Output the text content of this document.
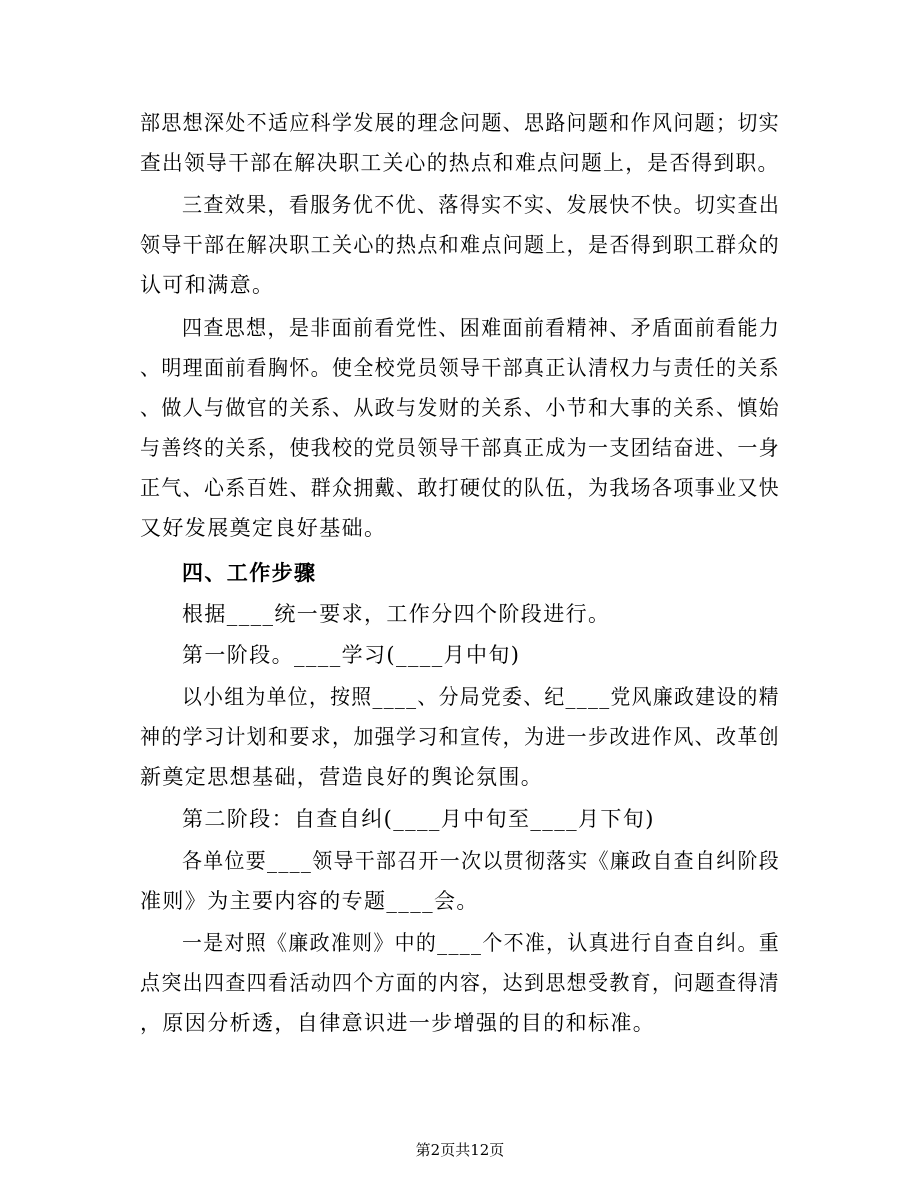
部思想深处不适应科学发展的理念问题、思路问题和作风问题；切实
查出领导干部在解决职工关心的热点和难点问题上，是否得到职。
三查效果，看服务优不优、落得实不实、发展快不快。切实查出
领导干部在解决职工关心的热点和难点问题上，是否得到职工群众的
认可和满意。
四查思想，是非面前看党性、困难面前看精神、矛盾面前看能力
、明理面前看胸怀。使全校党员领导干部真正认清权力与责任的关系
、做人与做官的关系、从政与发财的关系、小节和大事的关系、慎始
与善终的关系，使我校的党员领导干部真正成为一支团结奋进、一身
正气、心系百姓、群众拥戴、敢打硬仗的队伍，为我场各项事业又快
又好发展奠定良好基础。
四、工作步骤
根据____统一要求，工作分四个阶段进行。
第一阶段。____学习(____月中旬)
以小组为单位，按照____、分局党委、纪____党风廉政建设的精
神的学习计划和要求，加强学习和宣传，为进一步改进作风、改革创
新奠定思想基础，营造良好的舆论氛围。
第二阶段：自查自纠(____月中旬至____月下旬)
各单位要____领导干部召开一次以贯彻落实《廉政自查自纠阶段
准则》为主要内容的专题____会。
一是对照《廉政准则》中的____个不准，认真进行自查自纠。重
点突出四查四看活动四个方面的内容，达到思想受教育，问题查得清
，原因分析透，自律意识进一步增强的目的和标准。
第2页共12页
